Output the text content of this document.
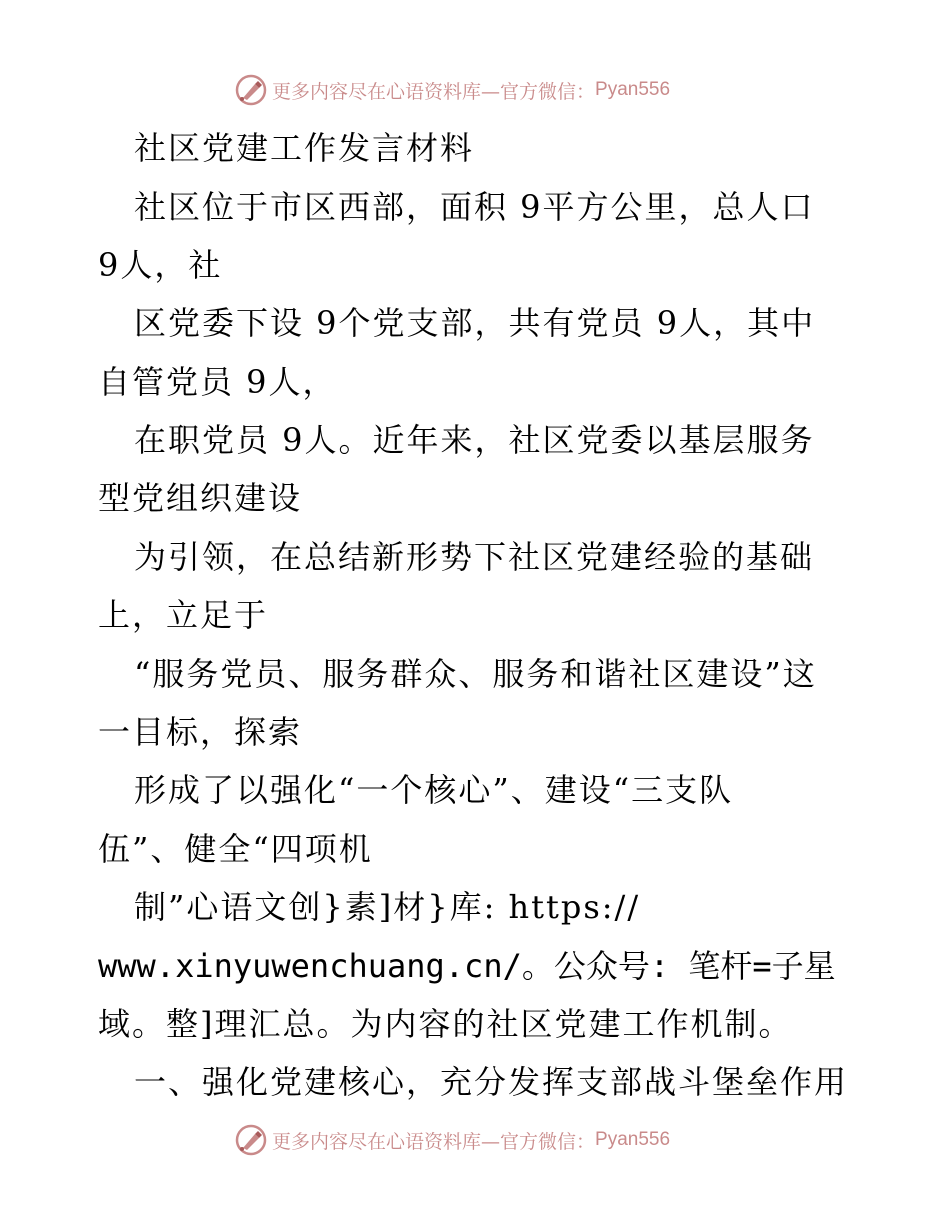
更多内容尽在心语资料库—官方微信： Pyan556
社区党建工作发言材料
社区位于市区西部，面积 9平方公里，总人口
9人，社
区党委下设 9个党支部，共有党员 9人，其中
自管党员 9人，
在职党员 9人。近年来，社区党委以基层服务
型党组织建设
为引领，在总结新形势下社区党建经验的基础
上，立足于
“服务党员、服务群众、服务和谐社区建设”这
一目标，探索
形成了以强化“一个核心”、建设“三支队
伍”、健全“四项机
制”心语文创}素]材}库: https://
www.xinyuwenchuang.cn/。公众号: 笔杆=子星
域。整]理汇总。为内容的社区党建工作机制。
一、强化党建核心，充分发挥支部战斗堡垒作用
更多内容尽在心语资料库—官方微信： Pyan556
